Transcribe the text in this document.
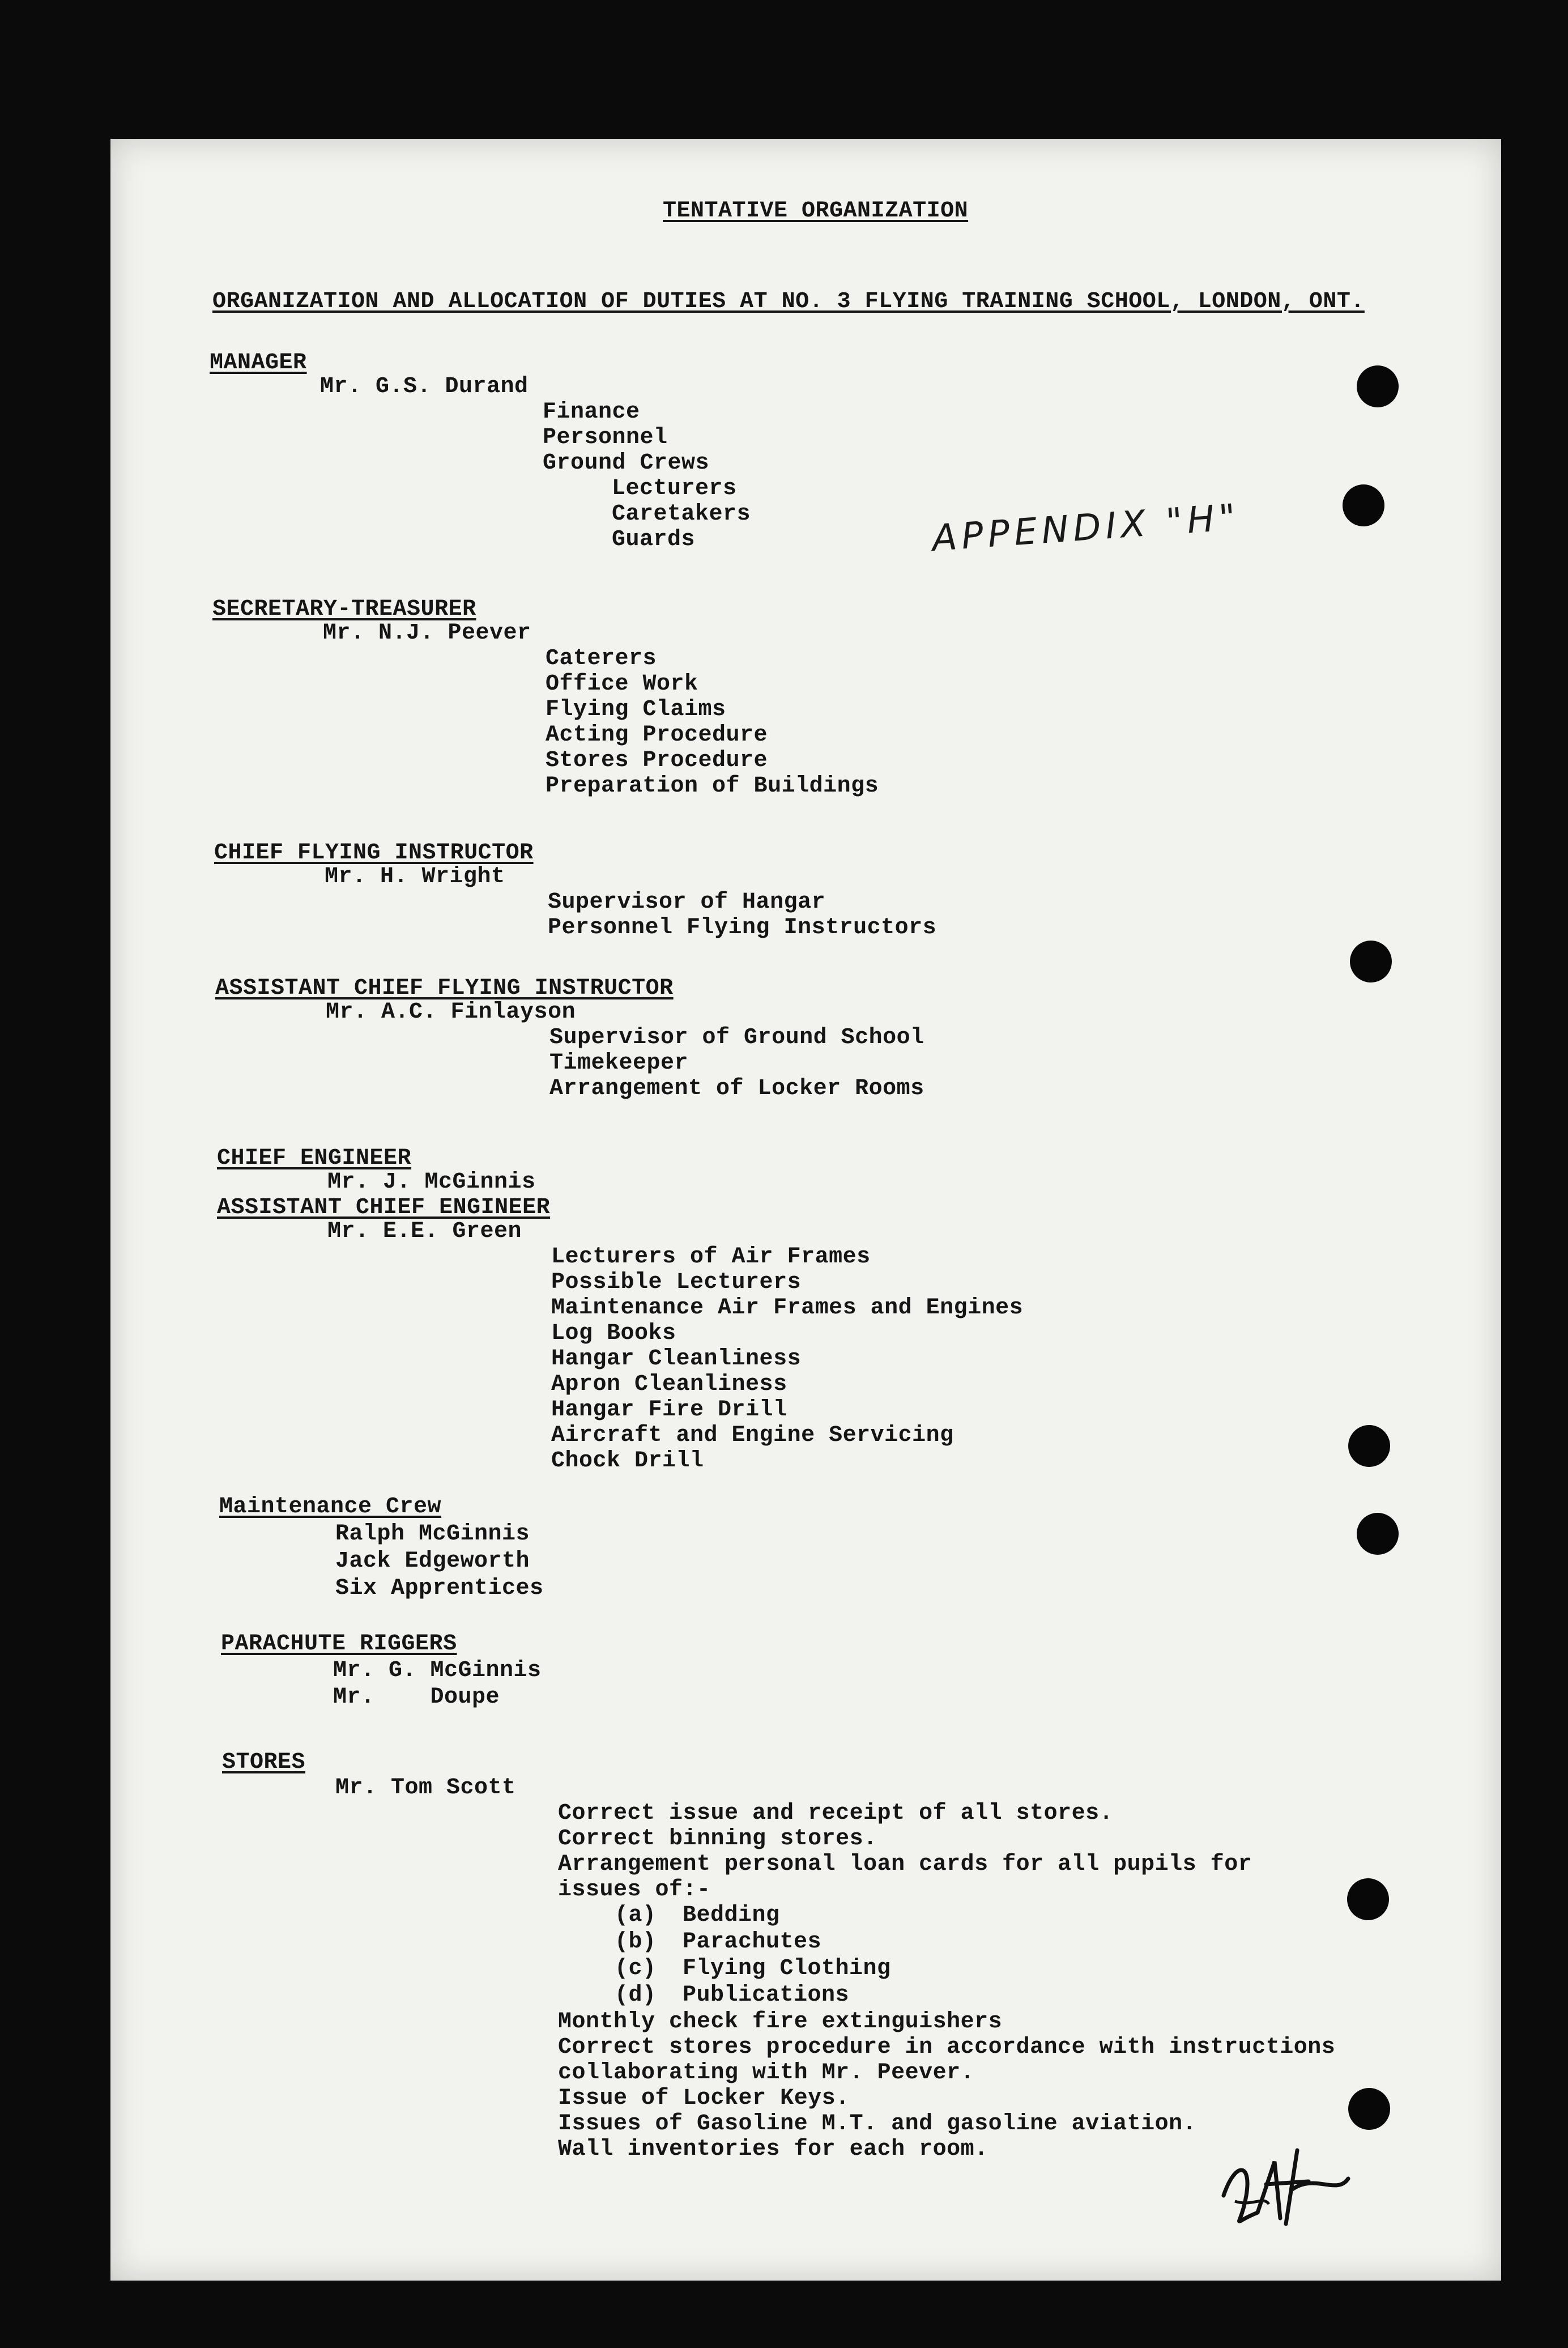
TENTATIVE ORGANIZATION
ORGANIZATION AND ALLOCATION OF DUTIES AT NO. 3 FLYING TRAINING SCHOOL, LONDON, ONT.
APPENDIX "H"
MANAGER
Mr. G.S. Durand
Finance
Personnel
Ground Crews
Lecturers
Caretakers
Guards
SECRETARY-TREASURER
Mr. N.J. Peever
Caterers
Office Work
Flying Claims
Acting Procedure
Stores Procedure
Preparation of Buildings
CHIEF FLYING INSTRUCTOR
Mr. H. Wright
Supervisor of Hangar
Personnel Flying Instructors
ASSISTANT CHIEF FLYING INSTRUCTOR
Mr. A.C. Finlayson
Supervisor of Ground School
Timekeeper
Arrangement of Locker Rooms
CHIEF ENGINEER
Mr. J. McGinnis
ASSISTANT CHIEF ENGINEER
Mr. E.E. Green
Lecturers of Air Frames
Possible Lecturers
Maintenance Air Frames and Engines
Log Books
Hangar Cleanliness
Apron Cleanliness
Hangar Fire Drill
Aircraft and Engine Servicing
Chock Drill
Maintenance Crew
Ralph McGinnis
Jack Edgeworth
Six Apprentices
PARACHUTE RIGGERS
Mr. G. McGinnis
Mr.    Doupe
STORES
Mr. Tom Scott
Correct issue and receipt of all stores.
Correct binning stores.
Arrangement personal loan cards for all pupils for
issues of:-
(a) Bedding
(b) Parachutes
(c) Flying Clothing
(d) Publications
Monthly check fire extinguishers
Correct stores procedure in accordance with instructions
collaborating with Mr. Peever.
Issue of Locker Keys.
Issues of Gasoline M.T. and gasoline aviation.
Wall inventories for each room.
